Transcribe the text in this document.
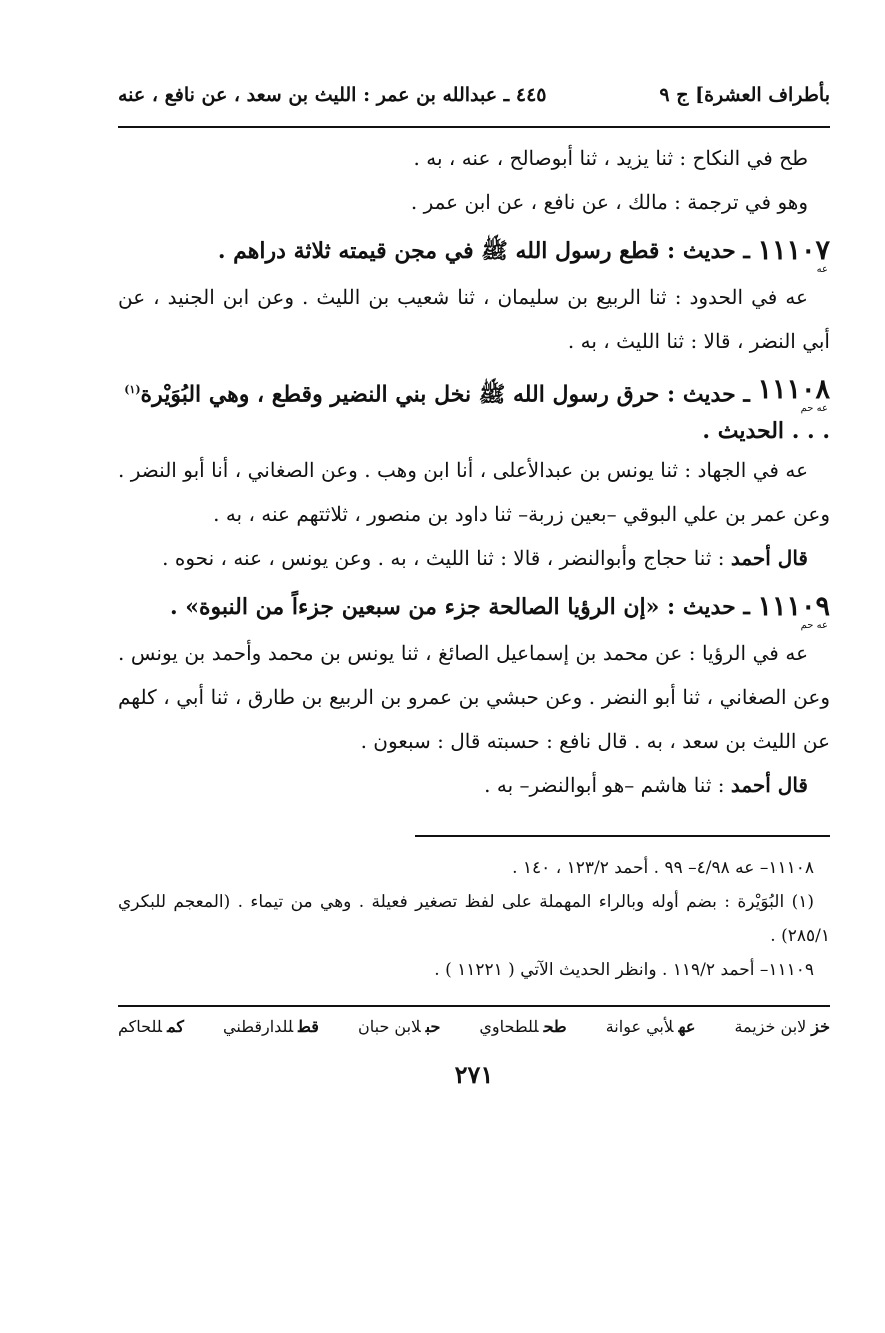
بأطراف العشرة] ج ٩
٤٤٥ ـ عبدالله بن عمر : الليث بن سعد ، عن نافع ، عنه

طح في النكاح : ثنا يزيد ، ثنا أبوصالح ، عنه ، به .

وهو في ترجمة : مالك ، عن نافع ، عن ابن عمر .

١١١٠٧
عه
ـ حديث : قطع رسول الله ﷺ في مجن قيمته ثلاثة دراهم .

عه في الحدود : ثنا الربيع بن سليمان ، ثنا شعيب بن الليث . وعن ابن الجنيد ، عن أبي النضر ، قالا : ثنا الليث ، به .

١١١٠٨
عه حم
ـ حديث : حرق رسول الله ﷺ نخل بني النضير وقطع ، وهي البُوَيْرة$^{(١)}$ . . . الحديث .

عه في الجهاد : ثنا يونس بن عبدالأعلى ، أنا ابن وهب . وعن الصغاني ، أنا أبو النضر . وعن عمر بن علي البوقي –بعين زربة– ثنا داود بن منصور ، ثلاثتهم عنه ، به .

قال أحمد : ثنا حجاج وأبوالنضر ، قالا : ثنا الليث ، به . وعن يونس ، عنه ، نحوه .

١١١٠٩
عه حم
ـ حديث : «إن الرؤيا الصالحة جزء من سبعين جزءاً من النبوة» .

عه في الرؤيا : عن محمد بن إسماعيل الصائغ ، ثنا يونس بن محمد وأحمد بن يونس . وعن الصغاني ، ثنا أبو النضر . وعن حبشي بن عمرو بن الربيع بن طارق ، ثنا أبي ، كلهم عن الليث بن سعد ، به . قال نافع : حسبته قال : سبعون .

قال أحمد : ثنا هاشم –هو أبوالنضر– به .

١١١٠٨– عه ٤/٩٨– ٩٩ . أحمد ١٢٣/٢ ، ١٤٠ .

(١) البُوَيْرة : بضم أوله وبالراء المهملة على لفظ تصغير فعيلة . وهي من تيماء . (المعجم للبكري ٢٨٥/١) .

١١١٠٩– أحمد ١١٩/٢ . وانظر الحديث الآتي ( ١١٢٢١ ) .

خزلابن خزيمة
عهلأبي عوانة
طحللطحاوي
حبلابن حبان
قطللدارقطني
كمللحاكم
٢٧١
